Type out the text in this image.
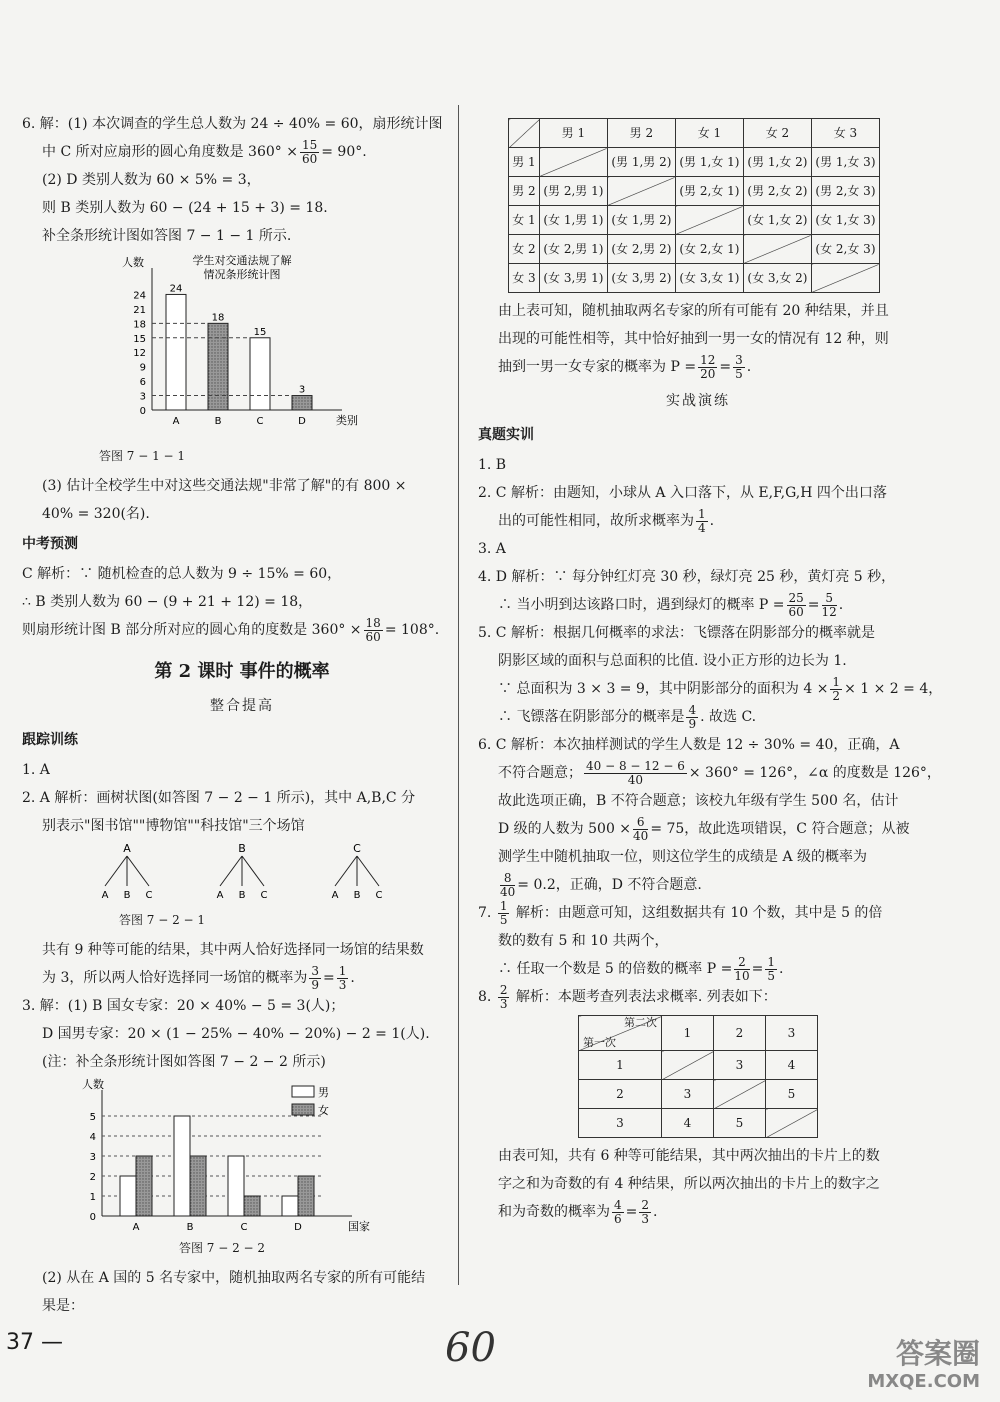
6. 解：(1) 本次调查的学生总人数为 24 ÷ 40% = 60，扇形统计图

中 C 所对应扇形的圆心角度数是 $360^\circ \times \frac{15}{60} = 90^\circ$.

(2) D 类别人数为 60 × 5% = 3，

则 B 类别人数为 60 − (24 + 15 + 3) = 18.

补全条形统计图如答图 7 − 1 − 1 所示.

学生对交通法规了解
情况条形统计图
人数
类别
0
3
6
9
12
15
18
21
24
24
A
18
B
15
C
3
D

答图 7 − 1 − 1

(3) 估计全校学生中对这些交通法规"非常了解"的有 800 ×

40% = 320(名).

中考预测

C 解析：∵ 随机检查的总人数为 9 ÷ 15% = 60，

∴ B 类别人数为 60 − (9 + 21 + 12) = 18，

则扇形统计图 B 部分所对应的圆心角的度数是 $360^\circ \times \frac{18}{60} = 108^\circ$.

第 2 课时 事件的概率

整合提高

跟踪训练

1. A

2. A 解析：画树状图(如答图 7 − 2 − 1 所示)，其中 A,B,C 分

别表示"图书馆""博物馆""科技馆"三个场馆

A
A B C
B
A B C
C
A B C

答图 7 − 2 − 1

共有 9 种等可能的结果，其中两人恰好选择同一场馆的结果数

为 3，所以两人恰好选择同一场馆的概率为 $\frac{3}{9} = \frac{1}{3}$ .

3. 解：(1) B 国女专家：20 × 40% − 5 = 3(人)；

D 国男专家：20 × (1 − 25% − 40% − 20%) − 2 = 1(人).

(注：补全条形统计图如答图 7 − 2 − 2 所示)

人数
国家
0
1
2
3
4
5
A	B	C	D
男
女

答图 7 − 2 − 2

(2) 从在 A 国的 5 名专家中，随机抽取两名专家的所有可能结

果是：

	男 1	男 2	女 1	女 2	女 3
男 1		(男 1,男 2)	(男 1,女 1)	(男 1,女 2)	(男 1,女 3)
男 2	(男 2,男 1)		(男 2,女 1)	(男 2,女 2)	(男 2,女 3)
女 1	(女 1,男 1)	(女 1,男 2)		(女 1,女 2)	(女 1,女 3)
女 2	(女 2,男 1)	(女 2,男 2)	(女 2,女 1)		(女 2,女 3)
女 3	(女 3,男 1)	(女 3,男 2)	(女 3,女 1)	(女 3,女 2)	

由上表可知，随机抽取两名专家的所有可能有 20 种结果，并且

出现的可能性相等，其中恰好抽到一男一女的情况有 12 种，则

抽到一男一女专家的概率为 $P = \frac{12}{20} = \frac{3}{5}$ .

实战演练

真题实训

1. B

2. C 解析：由题知，小球从 A 入口落下，从 E,F,G,H 四个出口落

出的可能性相同，故所求概率为 $\frac{1}{4}$ .

3. A

4. D 解析：∵ 每分钟红灯亮 30 秒，绿灯亮 25 秒，黄灯亮 5 秒，

∴ 当小明到达该路口时，遇到绿灯的概率 $P = \frac{25}{60} = \frac{5}{12}$ .

5. C 解析：根据几何概率的求法：飞镖落在阴影部分的概率就是

阴影区域的面积与总面积的比值. 设小正方形的边长为 1.

∵ 总面积为 3 × 3 = 9，其中阴影部分的面积为 $4 \times \frac{1}{2} \times 1 \times 2 = 4$，

∴ 飞镖落在阴影部分的概率是 $\frac{4}{9}$ . 故选 C.

6. C 解析：本次抽样测试的学生人数是 12 ÷ 30% = 40，正确，A

不符合题意； $\frac{40 - 8 - 12 - 6}{40} \times 360^\circ = 126^\circ$，∠α 的度数是 126°，

故此选项正确，B 不符合题意；该校九年级有学生 500 名，估计

D 级的人数为 $500 \times \frac{6}{40} = 75$，故此选项错误，C 符合题意；从被

测学生中随机抽取一位，则这位学生的成绩是 A 级的概率为

$\frac{8}{40} = 0.2$，正确，D 不符合题意.

7. $\frac{1}{5}$ 解析：由题意可知，这组数据共有 10 个数，其中是 5 的倍

数的数有 5 和 10 共两个，

∴ 任取一个数是 5 的倍数的概率 $P = \frac{2}{10} = \frac{1}{5}$ .

8. $\frac{2}{3}$ 解析：本题考查列表法求概率. 列表如下：

第二次
第一次	1	2	3
1		3	4
2	3		5
3	4	5	

由表可知，共有 6 种等可能结果，其中两次抽出的卡片上的数

字之和为奇数的有 4 种结果，所以两次抽出的卡片上的数字之

和为奇数的概率为 $\frac{4}{6} = \frac{2}{3}$ .

37 —	60	答案圈
MXQE.COM
